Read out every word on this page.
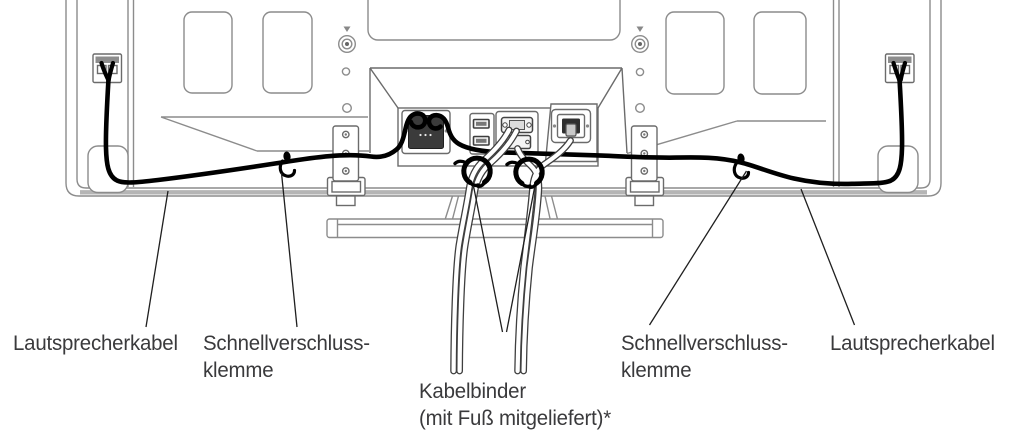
Lautsprecherkabel Schnellverschluss-
klemme
Kabelbinder
(mit Fuß mitgeliefert)*
Schnellverschluss-
klemme
Lautsprecherkabel
